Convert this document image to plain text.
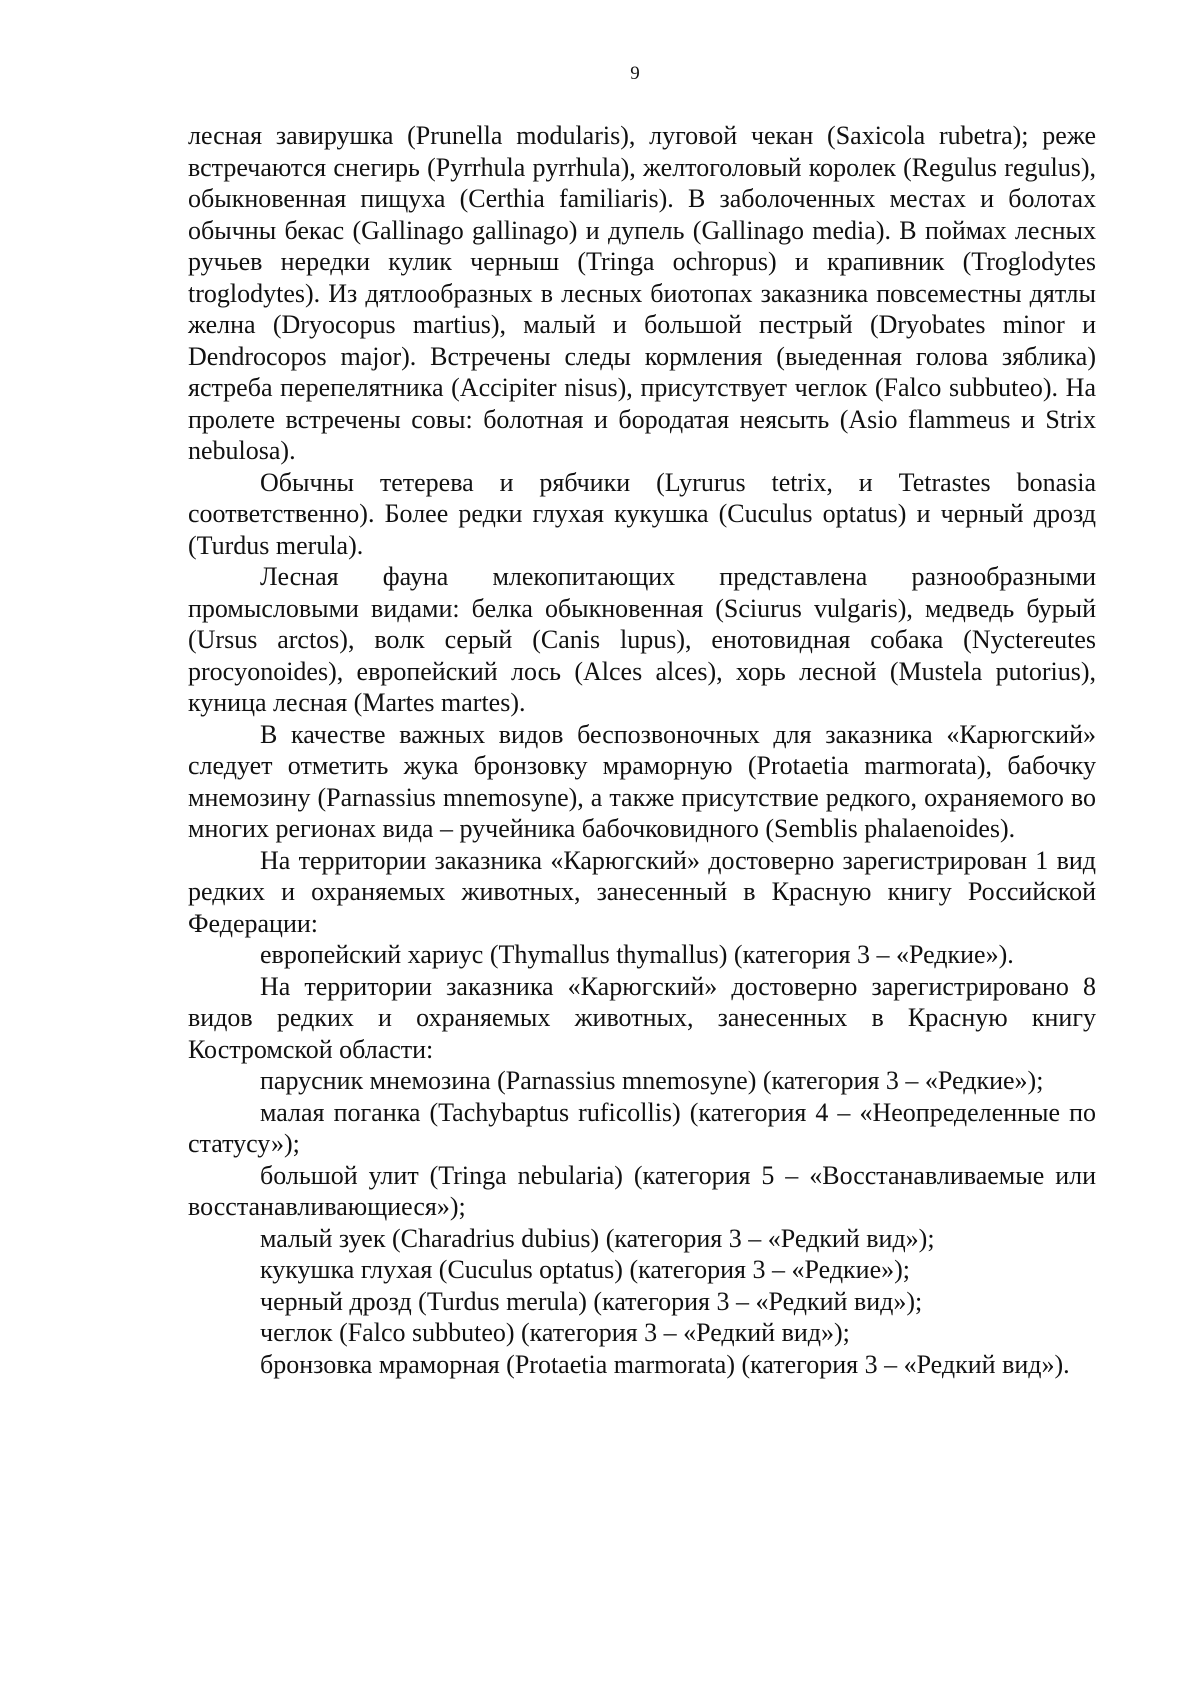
9

лесная завирушка (Prunella modularis), луговой чекан (Saxicola rubetra); реже встречаются снегирь (Pyrrhula pyrrhula), желтоголовый королек (Regulus regulus), обыкновенная пищуха (Certhia familiaris). В заболоченных местах и болотах обычны бекас (Gallinago gallinago) и дупель (Gallinago media). В поймах лесных ручьев нередки кулик черныш (Tringa ochropus) и крапивник (Troglodytes troglodytes). Из дятлообразных в лесных биотопах заказника повсеместны дятлы желна (Dryocopus martius), малый и большой пестрый (Dryobates minor и Dendrocopos major). Встречены следы кормления (выеденная голова зяблика) ястреба перепелятника (Accipiter nisus), присутствует чеглок (Falco subbuteo). На пролете встречены совы: болотная и бородатая неясыть (Asio flammeus и Strix nebulosa).

Обычны тетерева и рябчики (Lyrurus tetrix, и Tetrastes bonasia соответственно). Более редки глухая кукушка (Cuculus optatus) и черный дрозд (Turdus merula).

Лесная фауна млекопитающих представлена разнообразными промысловыми видами: белка обыкновенная (Sciurus vulgaris), медведь бурый (Ursus arctos), волк серый (Canis lupus), енотовидная собака (Nyctereutes procyonoides), европейский лось (Alces alces), хорь лесной (Mustela putorius), куница лесная (Martes martes).

В качестве важных видов беспозвоночных для заказника «Карюгский» следует отметить жука бронзовку мраморную (Protaetia marmorata), бабочку мнемозину (Parnassius mnemosyne), а также присутствие редкого, охраняемого во многих регионах вида – ручейника бабочковидного (Semblis phalaenoides).

На территории заказника «Карюгский» достоверно зарегистрирован 1 вид редких и охраняемых животных, занесенный в Красную книгу Российской Федерации:

европейский хариус (Thymallus thymallus) (категория 3 – «Редкие»).

На территории заказника «Карюгский» достоверно зарегистрировано 8 видов редких и охраняемых животных, занесенных в Красную книгу Костромской области:

парусник мнемозина (Parnassius mnemosyne) (категория 3 – «Редкие»);

малая поганка (Tachybaptus ruficollis) (категория 4 – «Неопределенные по статусу»);

большой улит (Tringa nebularia) (категория 5 – «Восстанавливаемые или восстанавливающиеся»);

малый зуек (Charadrius dubius) (категория 3 – «Редкий вид»);

кукушка глухая (Cuculus optatus) (категория 3 – «Редкие»);

черный дрозд (Turdus merula) (категория 3 – «Редкий вид»);

чеглок (Falco subbuteo) (категория 3 – «Редкий вид»);

бронзовка мраморная (Protaetia marmorata) (категория 3 – «Редкий вид»).
